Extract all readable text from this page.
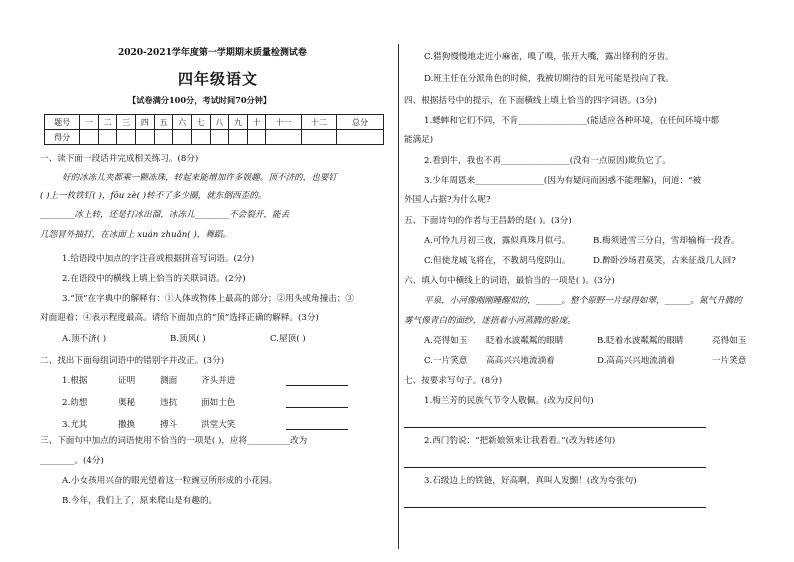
2020-2021学年度第一学期期末质量检测试卷
四年级语文
【试卷满分100分，考试时间70分钟】
题号	一	二	三	四	五	六	七	八	九	十	十一	十二	总分
得分													
一、读下面一段话并完成相关练习。(8分)
好的冰冻儿夹都乘一颗冻珠，转起来能增加许多娱趣。顶不济的，也要钉
( )上一枚铁钉( )，fōu zè( )转不了多少圈，就东倒西歪的。
________冰上转，还是打冰出溜，冰冻儿________不会裂开，能丢
几怨冒外抽打，在冰面上 xuán zhuǎn( )，舞蹈。
1.给语段中加点的字注音或根据拼音写词语。(2分)
2.在语段中的横线上填上恰当的关联词语。(2分)
3.“顶”在字典中的解释有：①人体或物体上最高的部分；②用头或角撞击；③
对面迎着；④表示程度最高。请给下面加点的“顶”选择正确的解释。(3分)
A.顶不济( )	B.顶风( )	C.屋顶( )
二、找出下面每组词语中的错别字并改正。(3分)
1.根据	证明	测面	齐头并进
2.幼想	奥秘	违抗	面如土色
3.尤其	撒换	搏斗	洪堂大笑
三、下面句中加点的词语使用不恰当的一项是( )，应将__________改为
________。(4分)
A.小女孩用兴奋的眼光望着这一粒豌豆所形成的小花园。
B.今年，我们上了，原来爬山是有趣的。
C.猎狗慢慢地走近小麻雀，嗅了嗅，张开大嘴，露出锋利的牙齿。
D.班主任在分派角色的时候，我被切期待的目光可能是投向了我。
四、根据括号中的提示，在下面横线上填上恰当的四字词语。(3分)
1.蟋蟀和它们不同，不肯________________(能适应各种环境，在任何环境中都
能满足)
2.看到牛，我也不再________________(没有一点原因)欺负它了。
3.少年周恩来________________(因为有疑问而困惑不能理解)，问道：“被
外国人占据?为什么呢?
五、下面诗句的作者与王昌龄的是( )。(3分)
A.可怜九月初三夜，露似真珠月似弓。	B.梅须逊雪三分白，雪却输梅一段香。
C.但使龙城飞将在，不教胡马度阴山。	D.醉卧沙场君莫笑，古来征战几人回?
六、填入句中横线上的词语，最恰当的一项是( )。(3分)
平泉，小河像刚刚睡醒似的，______。整个原野一片绿得如翠，______。氮气升腾的
雾气像青白的面纱，迷捂着小河蒸腾的脸庞。
A.亮得如玉 眨着水波粼粼的眼睛	B.眨着水波粼粼的眼睛	亮得如玉
C.一片笑意 高高兴兴地流淌着	D.高高兴兴地流淌着	一片笑意
七、按要求写句子。(8分)
1.梅兰芳的民族气节令人敬佩。(改为反问句)
2.西门豹说：“把新娘领来让我看看。”(改为转述句)
3.石级边上的铁链，好高啊，真叫人发颤！(改为夸张句)
